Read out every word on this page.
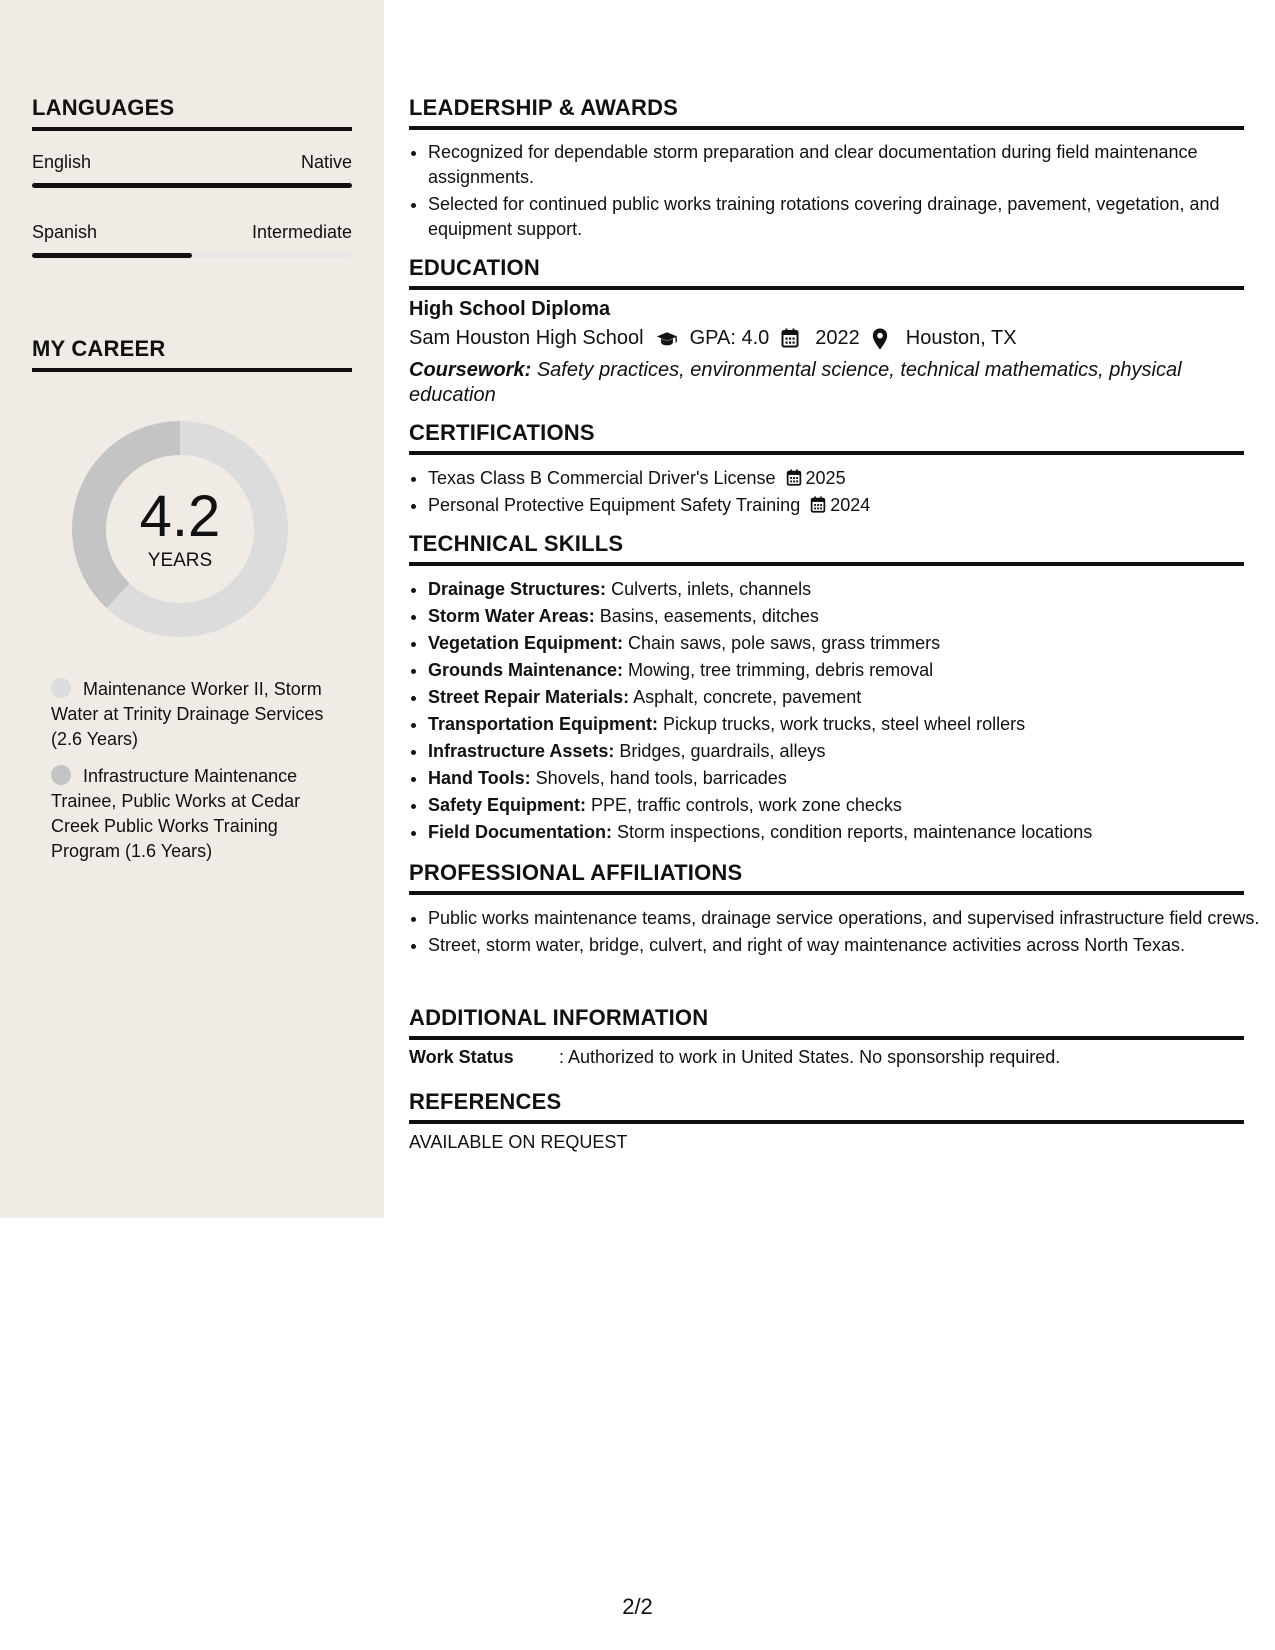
LANGUAGES
English	Native
Spanish	Intermediate
MY CAREER
4.2
YEARS
Maintenance Worker II, Storm Water at Trinity Drainage Services (2.6 Years)
Infrastructure Maintenance Trainee, Public Works at Cedar Creek Public Works Training Program (1.6 Years)
LEADERSHIP & AWARDS
• Recognized for dependable storm preparation and clear documentation during field maintenance assignments.
• Selected for continued public works training rotations covering drainage, pavement, vegetation, and equipment support.
EDUCATION
High School Diploma
Sam Houston High School GPA: 4.0 2022 Houston, TX
Coursework: Safety practices, environmental science, technical mathematics, physical education
CERTIFICATIONS
• Texas Class B Commercial Driver's License 2025
• Personal Protective Equipment Safety Training 2024
TECHNICAL SKILLS
• Drainage Structures: Culverts, inlets, channels
• Storm Water Areas: Basins, easements, ditches
• Vegetation Equipment: Chain saws, pole saws, grass trimmers
• Grounds Maintenance: Mowing, tree trimming, debris removal
• Street Repair Materials: Asphalt, concrete, pavement
• Transportation Equipment: Pickup trucks, work trucks, steel wheel rollers
• Infrastructure Assets: Bridges, guardrails, alleys
• Hand Tools: Shovels, hand tools, barricades
• Safety Equipment: PPE, traffic controls, work zone checks
• Field Documentation: Storm inspections, condition reports, maintenance locations
PROFESSIONAL AFFILIATIONS
• Public works maintenance teams, drainage service operations, and supervised infrastructure field crews.
• Street, storm water, bridge, culvert, and right of way maintenance activities across North Texas.
ADDITIONAL INFORMATION
Work Status	: Authorized to work in United States. No sponsorship required.
REFERENCES
AVAILABLE ON REQUEST
2/2
